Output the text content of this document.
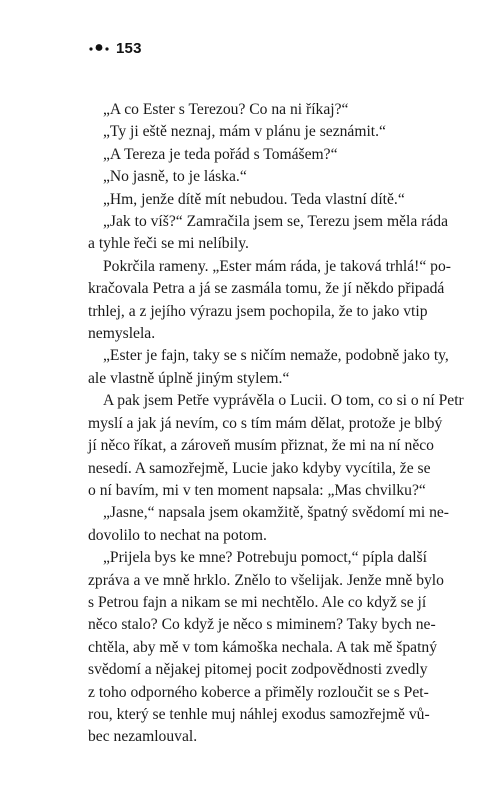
153

„A co Ester s Terezou? Co na ni říkaj?“

„Ty ji eště neznaj, mám v plánu je seznámit.“

„A Tereza je teda pořád s Tomášem?“

„No jasně, to je láska.“

„Hm, jenže dítě mít nebudou. Teda vlastní dítě.“

„Jak to víš?“ Zamračila jsem se, Terezu jsem měla ráda
a tyhle řeči se mi nelíbily.

Pokrčila rameny. „Ester mám ráda, je taková trhlá!“ po-
kračovala Petra a já se zasmála tomu, že jí někdo připadá
trhlej, a z jejího výrazu jsem pochopila, že to jako vtip
nemyslela.

„Ester je fajn, taky se s ničím nemaže, podobně jako ty,
ale vlastně úplně jiným stylem.“

A pak jsem Petře vyprávěla o Lucii. O tom, co si o ní Petr
myslí a jak já nevím, co s tím mám dělat, protože je blbý
jí něco říkat, a zároveň musím přiznat, že mi na ní něco
nesedí. A samozřejmě, Lucie jako kdyby vycítila, že se
o ní bavím, mi v ten moment napsala: „Mas chvilku?“

„Jasne,“ napsala jsem okamžitě, špatný svědomí mi ne-
dovolilo to nechat na potom.

„Prijela bys ke mne? Potrebuju pomoct,“ pípla další
zpráva a ve mně hrklo. Znělo to všelijak. Jenže mně bylo
s Petrou fajn a nikam se mi nechtělo. Ale co když se jí
něco stalo? Co když je něco s miminem? Taky bych ne-
chtěla, aby mě v tom kámoška nechala. A tak mě špatný
svědomí a nějakej pitomej pocit zodpovědnosti zvedly
z toho odporného koberce a přiměly rozloučit se s Pet-
rou, který se tenhle muj náhlej exodus samozřejmě vů-
bec nezamlouval.
